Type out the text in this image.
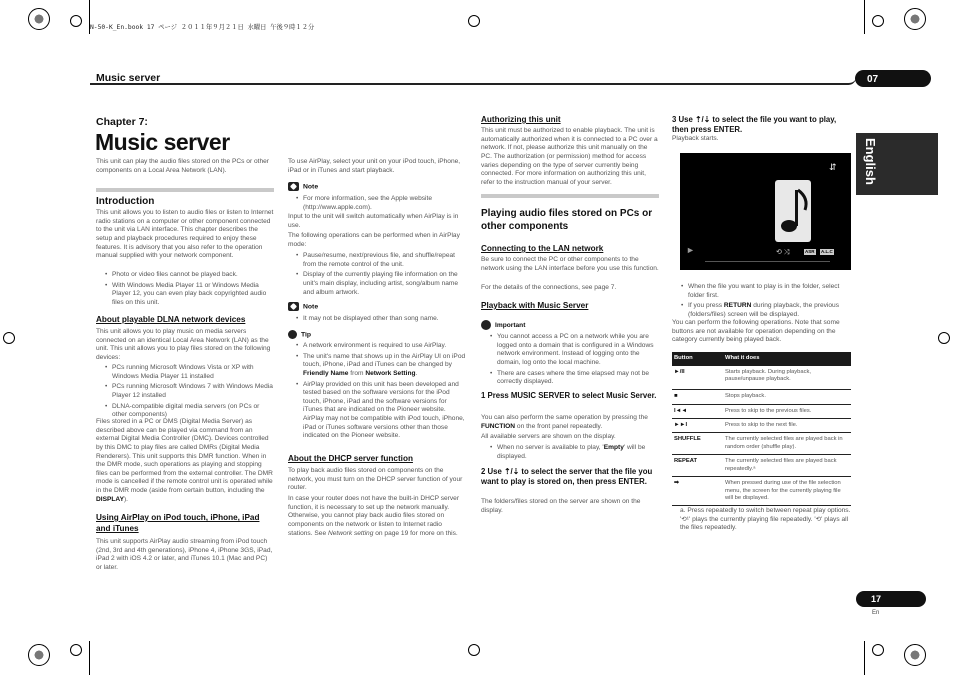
N-50-K_En.book 17 ページ ２０１１年９月２１日 水曜日 午後９時１２分
Music server	07
English
Chapter 7:
Music server
This unit can play the audio files stored on the PCs or other components on a Local Area Network (LAN).
Introduction
This unit allows you to listen to audio files or listen to Internet radio stations on a computer or other component connected to the unit via LAN interface. This chapter describes the setup and playback procedures required to enjoy these features. It is advisory that you also refer to the operation manual supplied with your network component.
• Photo or video files cannot be played back.
• With Windows Media Player 11 or Windows Media Player 12, you can even play back copyrighted audio files on this unit.
About playable DLNA network devices
This unit allows you to play music on media servers connected on an identical Local Area Network (LAN) as the unit. This unit allows you to play files stored on the following devices:
• PCs running Microsoft Windows Vista or XP with Windows Media Player 11 installed
• PCs running Microsoft Windows 7 with Windows Media Player 12 installed
• DLNA-compatible digital media servers (on PCs or other components)
Files stored in a PC or DMS (Digital Media Server) as described above can be played via command from an external Digital Media Controller (DMC). Devices controlled by this DMC to play files are called DMRs (Digital Media Renderers). This unit supports this DMR function. When in the DMR mode, such operations as playing and stopping files can be performed from the external controller. The DMR mode is cancelled if the remote control unit is operated while in the DMR mode (aside from certain button, including the DISPLAY).
Using AirPlay on iPod touch, iPhone, iPad and iTunes
This unit supports AirPlay audio streaming from iPod touch (2nd, 3rd and 4th generations), iPhone 4, iPhone 3GS, iPad, iPad 2 with iOS 4.2 or later, and iTunes 10.1 (Mac and PC) or later.
To use AirPlay, select your unit on your iPod touch, iPhone, iPad or in iTunes and start playback.
Note
• For more information, see the Apple website (http://www.apple.com).
Input to the unit will switch automatically when AirPlay is in use.
The following operations can be performed when in AirPlay mode:
• Pause/resume, next/previous file, and shuffle/repeat from the remote control of the unit.
• Display of the currently playing file information on the unit's main display, including artist, song/album name and album artwork.
Note
• It may not be displayed other than song name.
Tip
• A network environment is required to use AirPlay.
• The unit's name that shows up in the AirPlay UI on iPod touch, iPhone, iPad and iTunes can be changed by Friendly Name from Network Setting.
• AirPlay provided on this unit has been developed and tested based on the software versions for the iPod touch, iPhone, iPad and the software versions for iTunes that are indicated on the Pioneer website. AirPlay may not be compatible with iPod touch, iPhone, iPad or iTunes software versions other than those indicated on the Pioneer website.
About the DHCP server function
To play back audio files stored on components on the network, you must turn on the DHCP server function of your router.
In case your router does not have the built-in DHCP server function, it is necessary to set up the network manually. Otherwise, you cannot play back audio files stored on components on the network or listen to Internet radio stations. See Network setting on page 19 for more on this.
Authorizing this unit
This unit must be authorized to enable playback. The unit is automatically authorized when it is connected to a PC over a network. If not, please authorize this unit manually on the PC. The authorization (or permission) method for access varies depending on the type of server currently being connected. For more information on authorizing this unit, refer to the instruction manual of your server.
Playing audio files stored on PCs or other components
Connecting to the LAN network
Be sure to connect the PC or other components to the network using the LAN interface before you use this function.
For the details of the connections, see page 7.
Playback with Music Server
Important
• You cannot access a PC on a network while you are logged onto a domain that is configured in a Windows network environment. Instead of logging onto the domain, log onto the local machine.
• There are cases where the time elapsed may not be correctly displayed.
1 Press MUSIC SERVER to select Music Server.
You can also perform the same operation by pressing the FUNCTION on the front panel repeatedly.
All available servers are shown on the display.
• When no server is available to play, 'Empty' will be displayed.
2 Use ⇡/⇣ to select the server that the file you want to play is stored on, then press ENTER.
The folders/files stored on the server are shown on the display.
3 Use ⇡/⇣ to select the file you want to play, then press ENTER.
Playback starts.
⇵
►	⟲ ⤨	ASR A.L.C
• When the file you want to play is in the folder, select folder first.
• If you press RETURN during playback, the previous (folders/files) screen will be displayed.
You can perform the following operations. Note that some buttons are not available for operation depending on the category currently being played back.
Button	What it does
►/II	Starts playback. During playback, pause/unpause playback.
■	Stops playback.
I◄◄	Press to skip to the previous files.
►►I	Press to skip to the next file.
SHUFFLE	The currently selected files are played back in random order (shuffle play).
REPEAT	The currently selected files are played back repeatedly.ᵃ
➡	When pressed during use of the file selection menu, the screen for the currently playing file will be displayed.
a. Press repeatedly to switch between repeat play options. '⟲¹' plays the currently playing file repeatedly. '⟲' plays all the files repeatedly.
17
En
